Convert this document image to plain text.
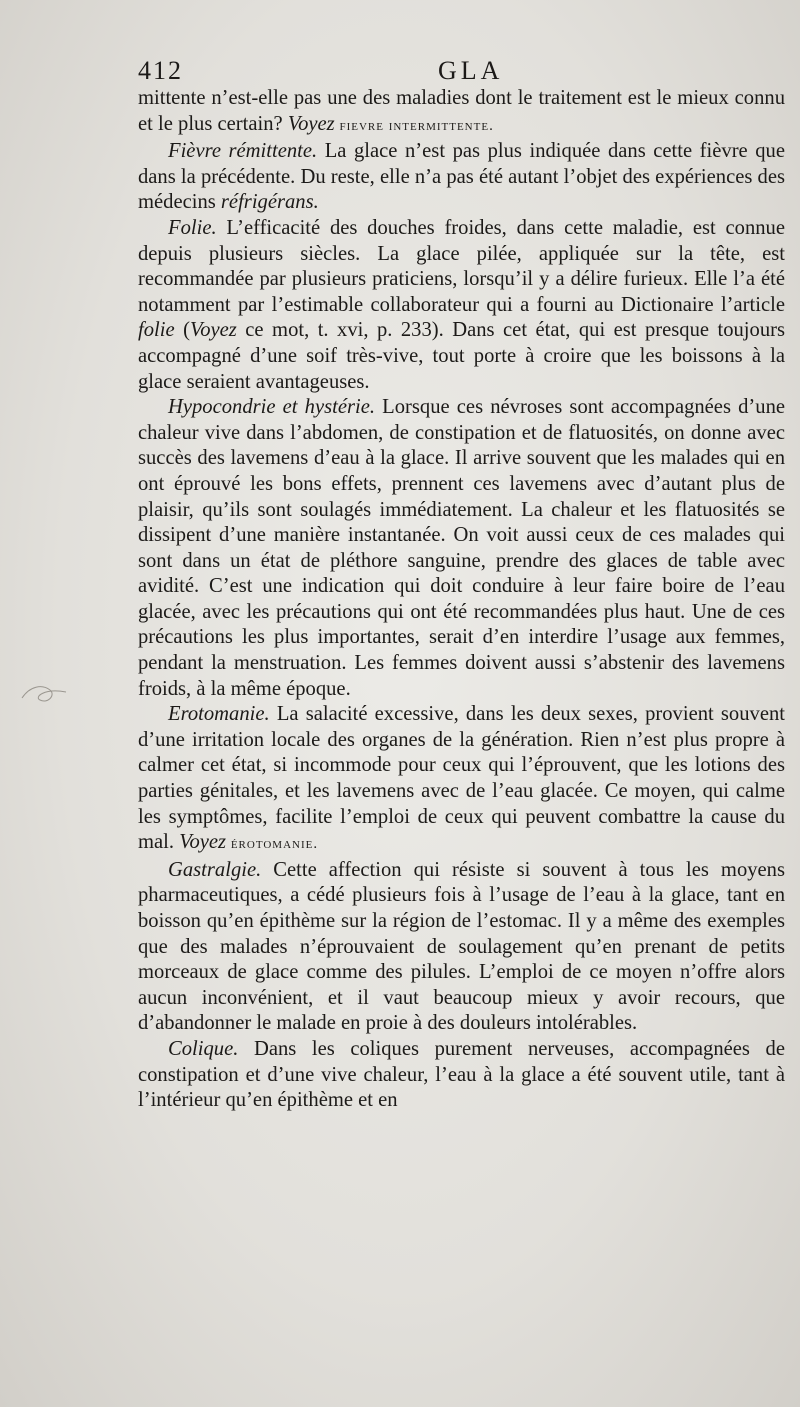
412	GLA

mittente n’est-elle pas une des maladies dont le traitement est le mieux connu et le plus certain? Voyez fievre intermittente.

Fièvre rémittente. La glace n’est pas plus indiquée dans cette fièvre que dans la précédente. Du reste, elle n’a pas été autant l’objet des expériences des médecins réfrigérans.

Folie. L’efficacité des douches froides, dans cette maladie, est connue depuis plusieurs siècles. La glace pilée, appliquée sur la tête, est recommandée par plusieurs praticiens, lorsqu’il y a délire furieux. Elle l’a été notamment par l’estimable collaborateur qui a fourni au Dictionaire l’article folie (Voyez ce mot, t. xvi, p. 233). Dans cet état, qui est presque toujours accompagné d’une soif très-vive, tout porte à croire que les boissons à la glace seraient avantageuses.

Hypocondrie et hystérie. Lorsque ces névroses sont accompagnées d’une chaleur vive dans l’abdomen, de constipation et de flatuosités, on donne avec succès des lavemens d’eau à la glace. Il arrive souvent que les malades qui en ont éprouvé les bons effets, prennent ces lavemens avec d’autant plus de plaisir, qu’ils sont soulagés immédiatement. La chaleur et les flatuosités se dissipent d’une manière instantanée. On voit aussi ceux de ces malades qui sont dans un état de pléthore sanguine, prendre des glaces de table avec avidité. C’est une indication qui doit conduire à leur faire boire de l’eau glacée, avec les précautions qui ont été recommandées plus haut. Une de ces précautions les plus importantes, serait d’en interdire l’usage aux femmes, pendant la menstruation. Les femmes doivent aussi s’abstenir des lavemens froids, à la même époque.

Erotomanie. La salacité excessive, dans les deux sexes, provient souvent d’une irritation locale des organes de la génération. Rien n’est plus propre à calmer cet état, si incommode pour ceux qui l’éprouvent, que les lotions des parties génitales, et les lavemens avec de l’eau glacée. Ce moyen, qui calme les symptômes, facilite l’emploi de ceux qui peuvent combattre la cause du mal. Voyez érotomanie.

Gastralgie. Cette affection qui résiste si souvent à tous les moyens pharmaceutiques, a cédé plusieurs fois à l’usage de l’eau à la glace, tant en boisson qu’en épithème sur la région de l’estomac. Il y a même des exemples que des malades n’éprouvaient de soulagement qu’en prenant de petits morceaux de glace comme des pilules. L’emploi de ce moyen n’offre alors aucun inconvénient, et il vaut beaucoup mieux y avoir recours, que d’abandonner le malade en proie à des douleurs intolérables.

Colique. Dans les coliques purement nerveuses, accompagnées de constipation et d’une vive chaleur, l’eau à la glace a été souvent utile, tant à l’intérieur qu’en épithème et en
